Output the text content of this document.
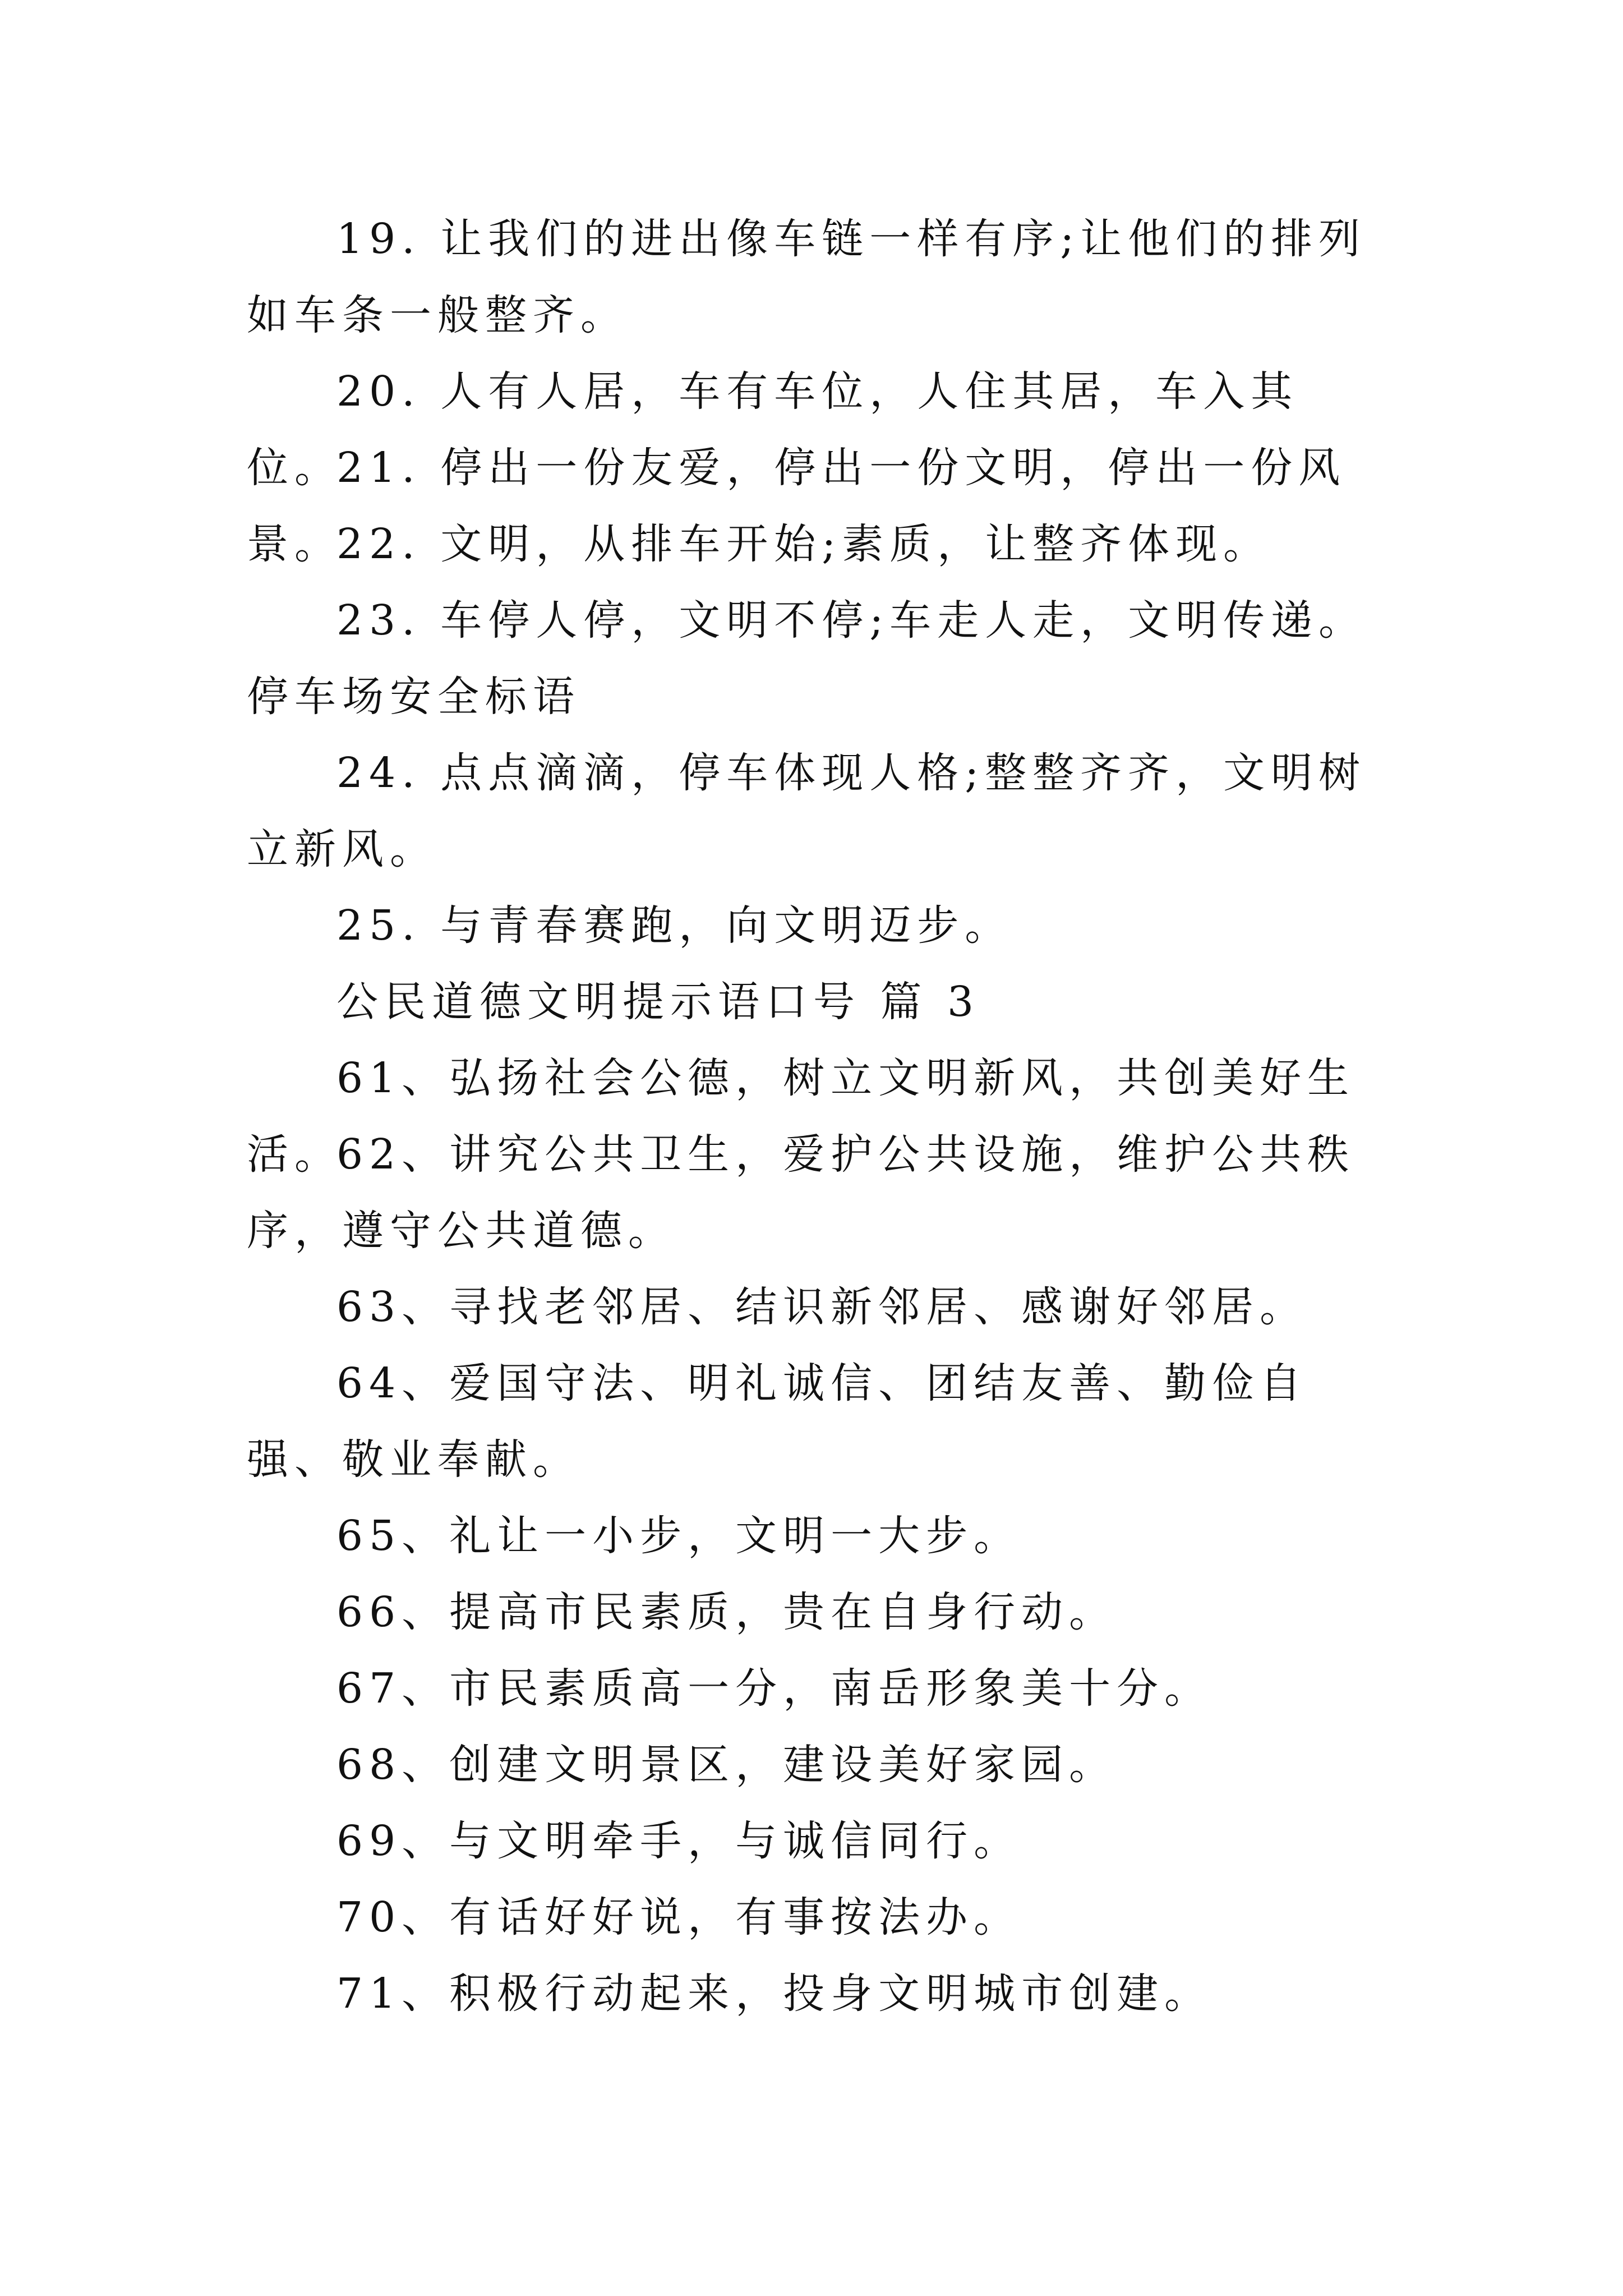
19. 让我们的进出像车链一样有序;让他们的排列如车条一般整齐。

20. 人有人居，车有车位，人住其居，车入其位。

21. 停出一份友爱，停出一份文明，停出一份风景。

22. 文明，从排车开始;素质，让整齐体现。

23. 车停人停，文明不停;车走人走，文明传递。停车场安全标语

24. 点点滴滴，停车体现人格;整整齐齐，文明树立新风。

25. 与青春赛跑，向文明迈步。

公民道德文明提示语口号 篇 3

61、弘扬社会公德，树立文明新风，共创美好生活。

62、讲究公共卫生，爱护公共设施，维护公共秩序，遵守公共道德。

63、寻找老邻居、结识新邻居、感谢好邻居。

64、爱国守法、明礼诚信、团结友善、勤俭自强、敬业奉献。

65、礼让一小步，文明一大步。

66、提高市民素质，贵在自身行动。

67、市民素质高一分，南岳形象美十分。

68、创建文明景区，建设美好家园。

69、与文明牵手，与诚信同行。

70、有话好好说，有事按法办。

71、积极行动起来，投身文明城市创建。
